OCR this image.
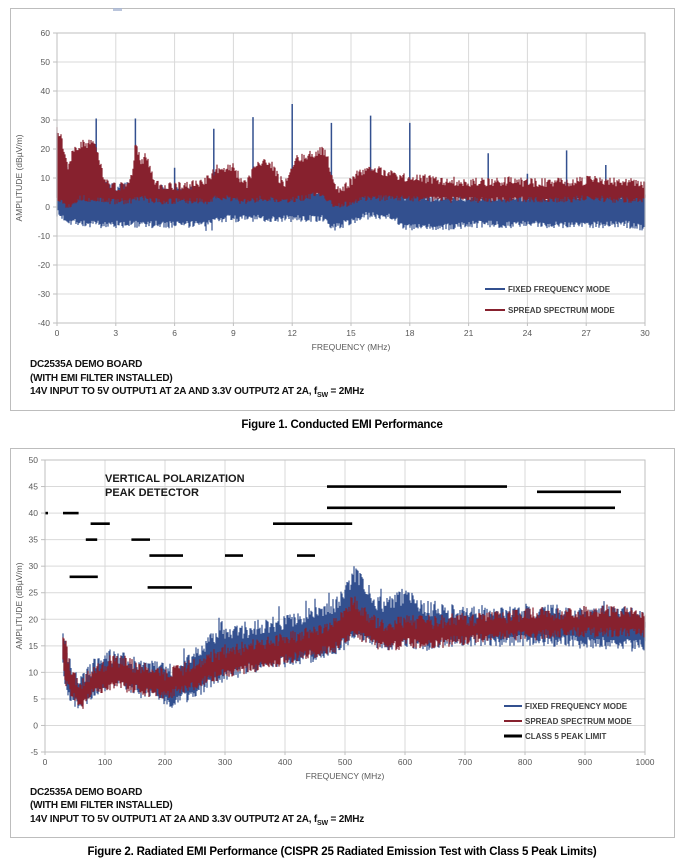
60
50
40
30
20
10
0
-10
-20
-30
-40
0	3	6	9	12	15	18	21	24	27	30
FREQUENCY (MHz)
AMPLITUDE (dBµV/m)
FIXED FREQUENCY MODE
SPREAD SPECTRUM MODE
DC2535A DEMO BOARD
(WITH EMI FILTER INSTALLED)
14V INPUT TO 5V OUTPUT1 AT 2A AND 3.3V OUTPUT2 AT 2A, $f_{SW} = 2MHz$
Figure 1. Conducted EMI Performance
50
45
40
35
30
25
20
15
10
5
0
-5
0	100	200	300	400	500	600	700	800	900	1000
FREQUENCY (MHz)
AMPLITUDE (dBµV/m)
VERTICAL POLARIZATION
PEAK DETECTOR
FIXED FREQUENCY MODE
SPREAD SPECTRUM MODE
CLASS 5 PEAK LIMIT
DC2535A DEMO BOARD
(WITH EMI FILTER INSTALLED)
14V INPUT TO 5V OUTPUT1 AT 2A AND 3.3V OUTPUT2 AT 2A, $f_{SW} = 2MHz$
Figure 2. Radiated EMI Performance (CISPR 25 Radiated Emission Test with Class 5 Peak Limits)
